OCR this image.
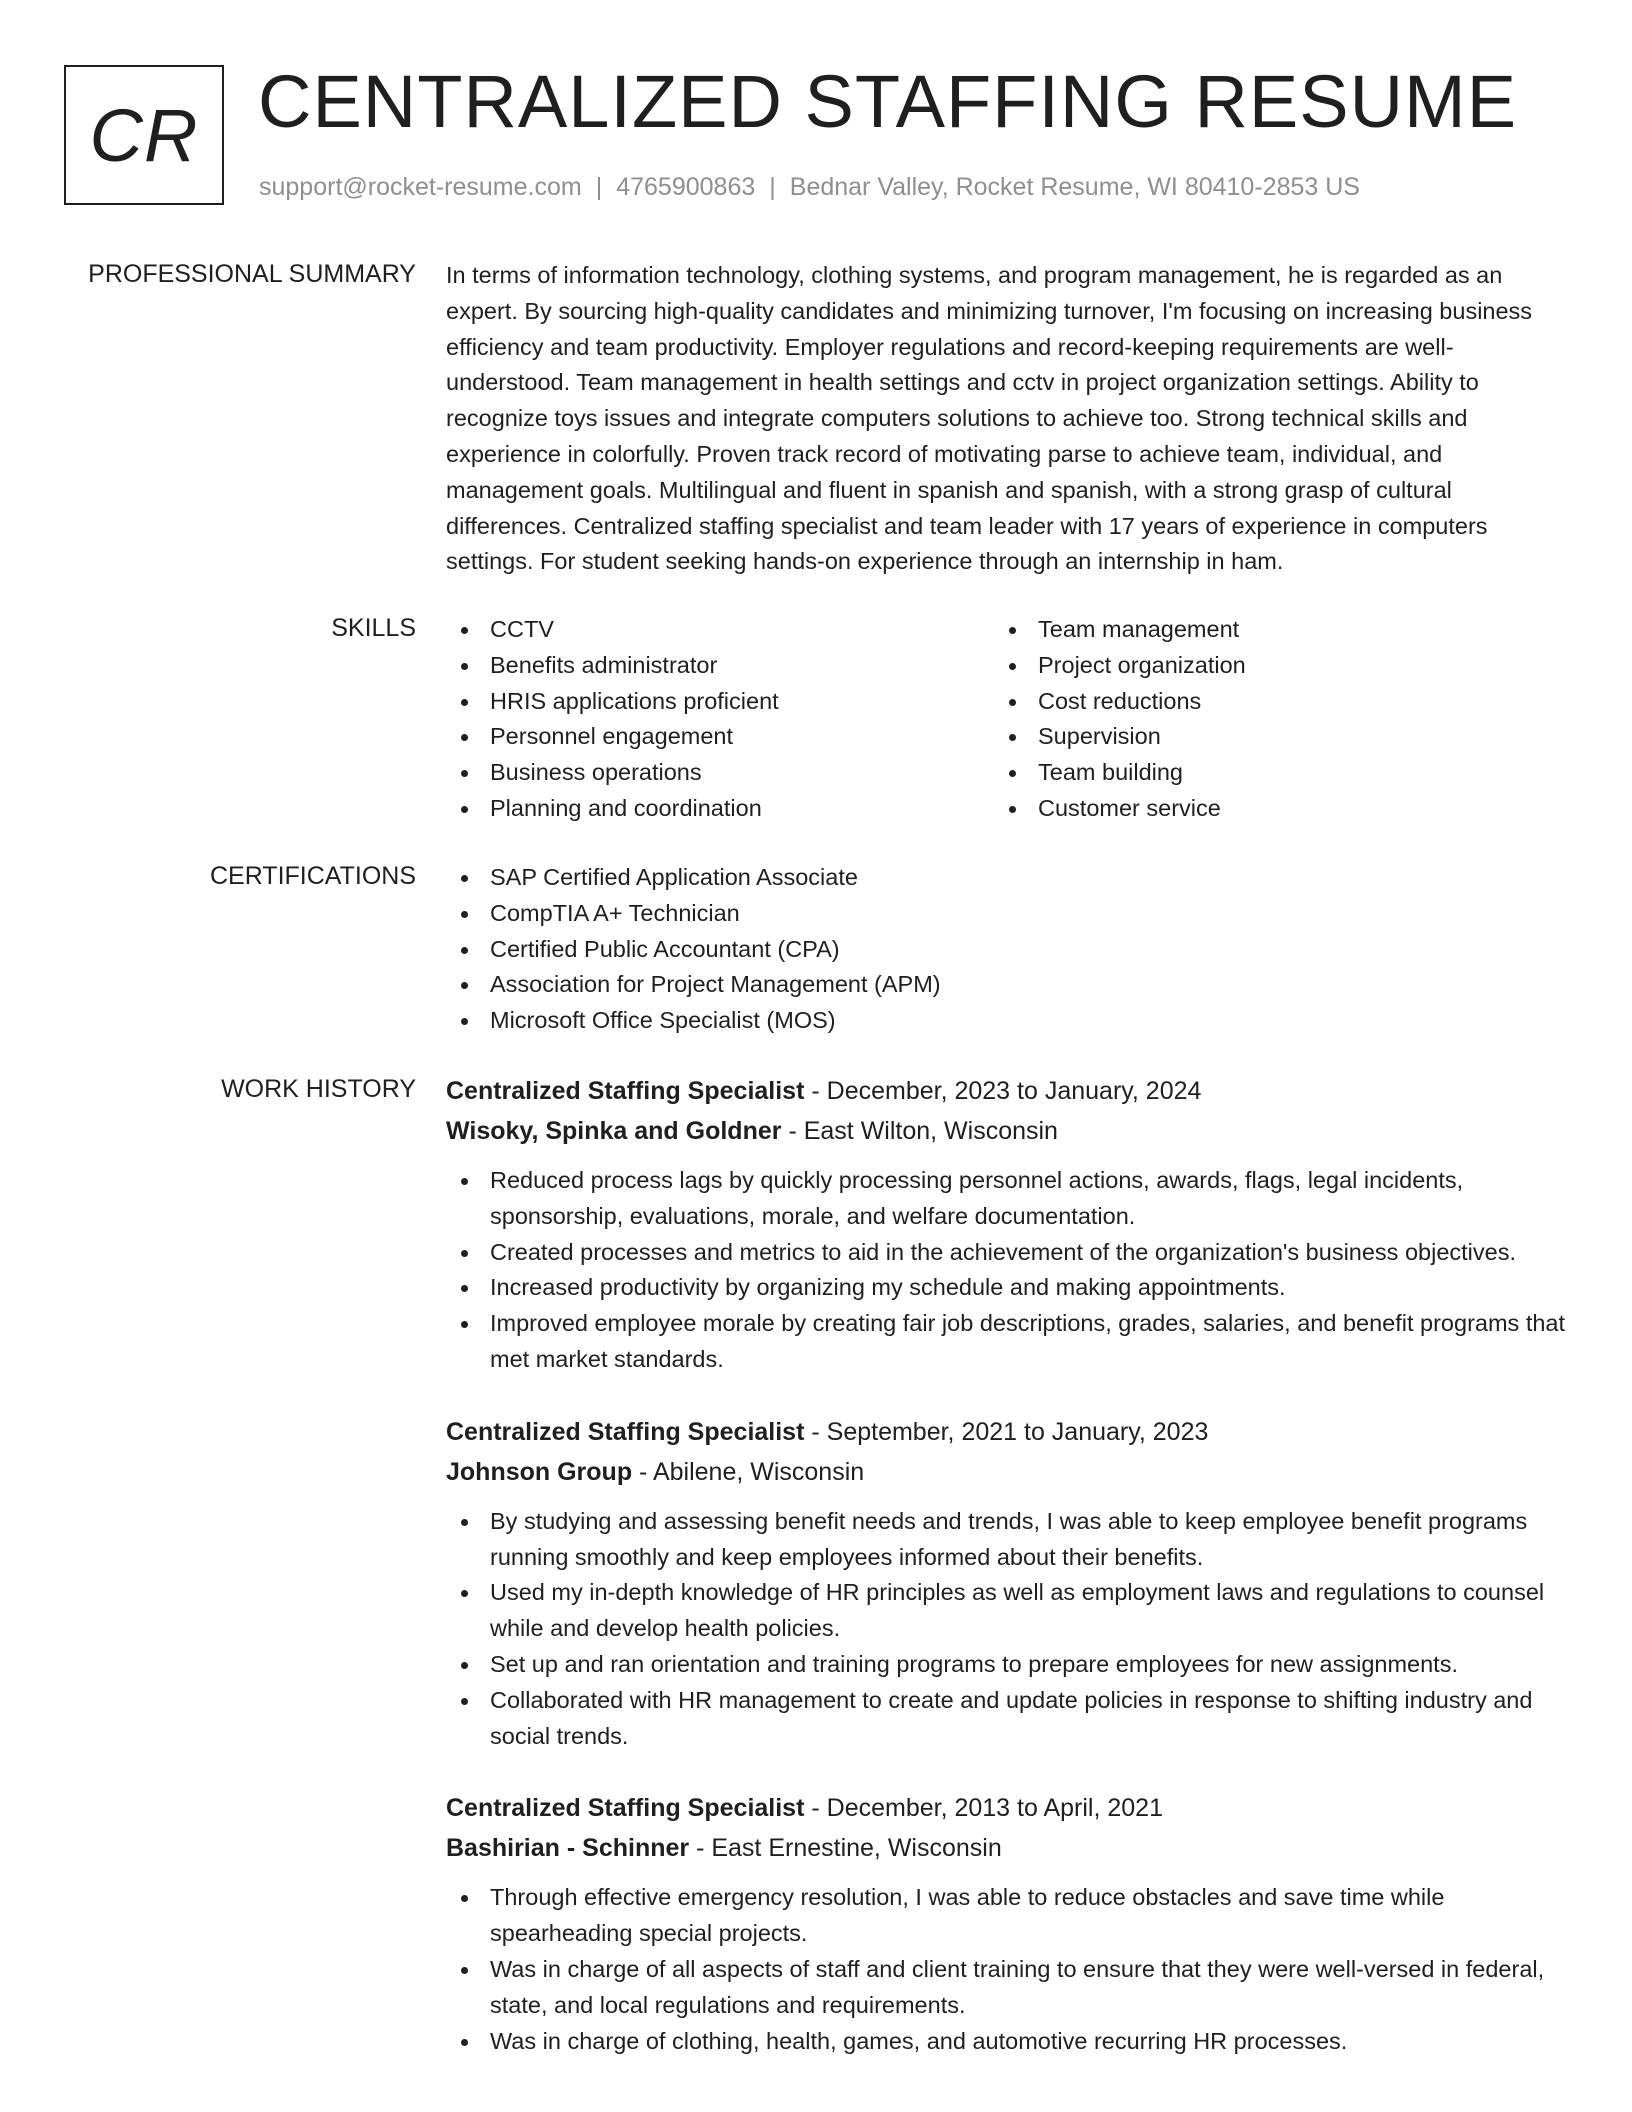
CR CENTRALIZED STAFFING RESUME
support@rocket-resume.com | 4765900863 | Bednar Valley, Rocket Resume, WI 80410-2853 US
PROFESSIONAL SUMMARY In terms of information technology, clothing systems, and program management, he is regarded as an expert. By sourcing high-quality candidates and minimizing turnover, I'm focusing on increasing business efficiency and team productivity. Employer regulations and record-keeping requirements are well-understood. Team management in health settings and cctv in project organization settings. Ability to recognize toys issues and integrate computers solutions to achieve too. Strong technical skills and experience in colorfully. Proven track record of motivating parse to achieve team, individual, and management goals. Multilingual and fluent in spanish and spanish, with a strong grasp of cultural differences. Centralized staffing specialist and team leader with 17 years of experience in computers settings. For student seeking hands-on experience through an internship in ham.

SKILLS	CCTV
Benefits administrator
HRIS applications proficient
Personnel engagement
Business operations
Planning and coordination
Team management
Project organization
Cost reductions
Supervision
Team building
Customer service
CERTIFICATIONS	SAP Certified Application Associate
CompTIA A+ Technician
Certified Public Accountant (CPA)
Association for Project Management (APM)
Microsoft Office Specialist (MOS)
WORK HISTORY Centralized Staffing Specialist - December, 2023 to January, 2024
Wisoky, Spinka and Goldner - East Wilton, Wisconsin
Reduced process lags by quickly processing personnel actions, awards, flags, legal incidents, sponsorship, evaluations, morale, and welfare documentation.
Created processes and metrics to aid in the achievement of the organization's business objectives.
Increased productivity by organizing my schedule and making appointments.
Improved employee morale by creating fair job descriptions, grades, salaries, and benefit programs that met market standards.
Centralized Staffing Specialist - September, 2021 to January, 2023
Johnson Group - Abilene, Wisconsin
By studying and assessing benefit needs and trends, I was able to keep employee benefit programs running smoothly and keep employees informed about their benefits.
Used my in-depth knowledge of HR principles as well as employment laws and regulations to counsel while and develop health policies.
Set up and ran orientation and training programs to prepare employees for new assignments.
Collaborated with HR management to create and update policies in response to shifting industry and social trends.
Centralized Staffing Specialist - December, 2013 to April, 2021
Bashirian - Schinner - East Ernestine, Wisconsin
Through effective emergency resolution, I was able to reduce obstacles and save time while spearheading special projects.
Was in charge of all aspects of staff and client training to ensure that they were well-versed in federal, state, and local regulations and requirements.
Was in charge of clothing, health, games, and automotive recurring HR processes.
